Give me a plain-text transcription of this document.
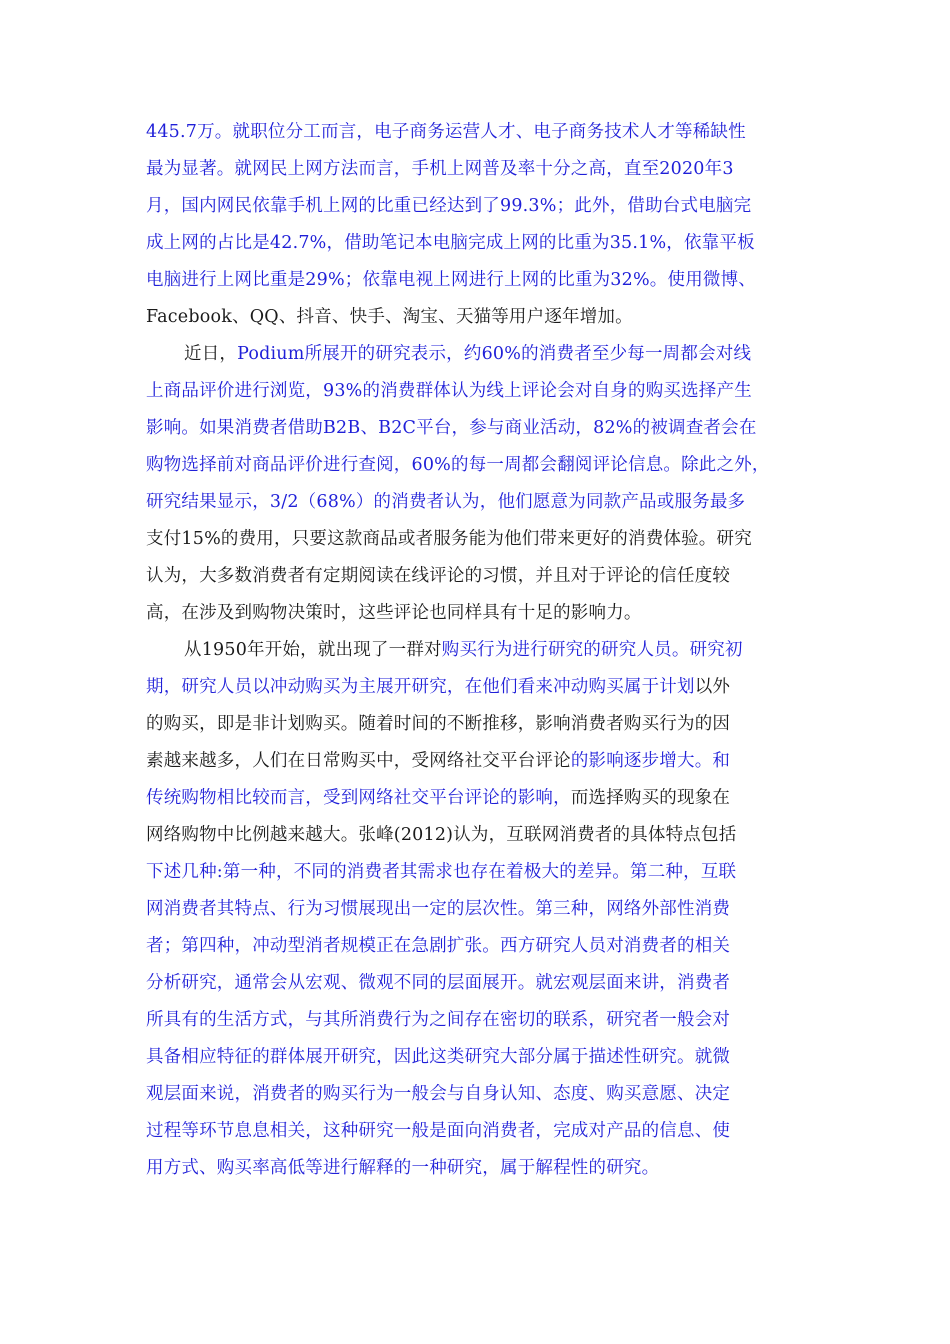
445.7万。就职位分工而言，电子商务运营人才、电子商务技术人才等稀缺性
最为显著。就网民上网方法而言，手机上网普及率十分之高，直至2020年3
月，国内网民依靠手机上网的比重已经达到了99.3%；此外，借助台式电脑完
成上网的占比是42.7%，借助笔记本电脑完成上网的比重为35.1%，依靠平板
电脑进行上网比重是29%；依靠电视上网进行上网的比重为32%。使用微博、
Facebook、QQ、抖音、快手、淘宝、天猫等用户逐年增加。
近日，Podium所展开的研究表示，约60%的消费者至少每一周都会对线
上商品评价进行浏览，93%的消费群体认为线上评论会对自身的购买选择产生
影响。如果消费者借助B2B、B2C平台，参与商业活动，82%的被调查者会在
购物选择前对商品评价进行查阅，60%的每一周都会翻阅评论信息。除此之外，
研究结果显示，3/2（68%）的消费者认为，他们愿意为同款产品或服务最多
支付15%的费用，只要这款商品或者服务能为他们带来更好的消费体验。研究
认为，大多数消费者有定期阅读在线评论的习惯，并且对于评论的信任度较
高，在涉及到购物决策时，这些评论也同样具有十足的影响力。
从1950年开始，就出现了一群对购买行为进行研究的研究人员。研究初
期，研究人员以冲动购买为主展开研究，在他们看来冲动购买属于计划以外
的购买，即是非计划购买。随着时间的不断推移，影响消费者购买行为的因
素越来越多，人们在日常购买中，受网络社交平台评论的影响逐步增大。和
传统购物相比较而言，受到网络社交平台评论的影响，而选择购买的现象在
网络购物中比例越来越大。张峰(2012)认为，互联网消费者的具体特点包括
下述几种:第一种，不同的消费者其需求也存在着极大的差异。第二种，互联
网消费者其特点、行为习惯展现出一定的层次性。第三种，网络外部性消费
者；第四种，冲动型消者规模正在急剧扩张。西方研究人员对消费者的相关
分析研究，通常会从宏观、微观不同的层面展开。就宏观层面来讲，消费者
所具有的生活方式，与其所消费行为之间存在密切的联系，研究者一般会对
具备相应特征的群体展开研究，因此这类研究大部分属于描述性研究。就微
观层面来说，消费者的购买行为一般会与自身认知、态度、购买意愿、决定
过程等环节息息相关，这种研究一般是面向消费者，完成对产品的信息、使
用方式、购买率高低等进行解释的一种研究，属于解程性的研究。
